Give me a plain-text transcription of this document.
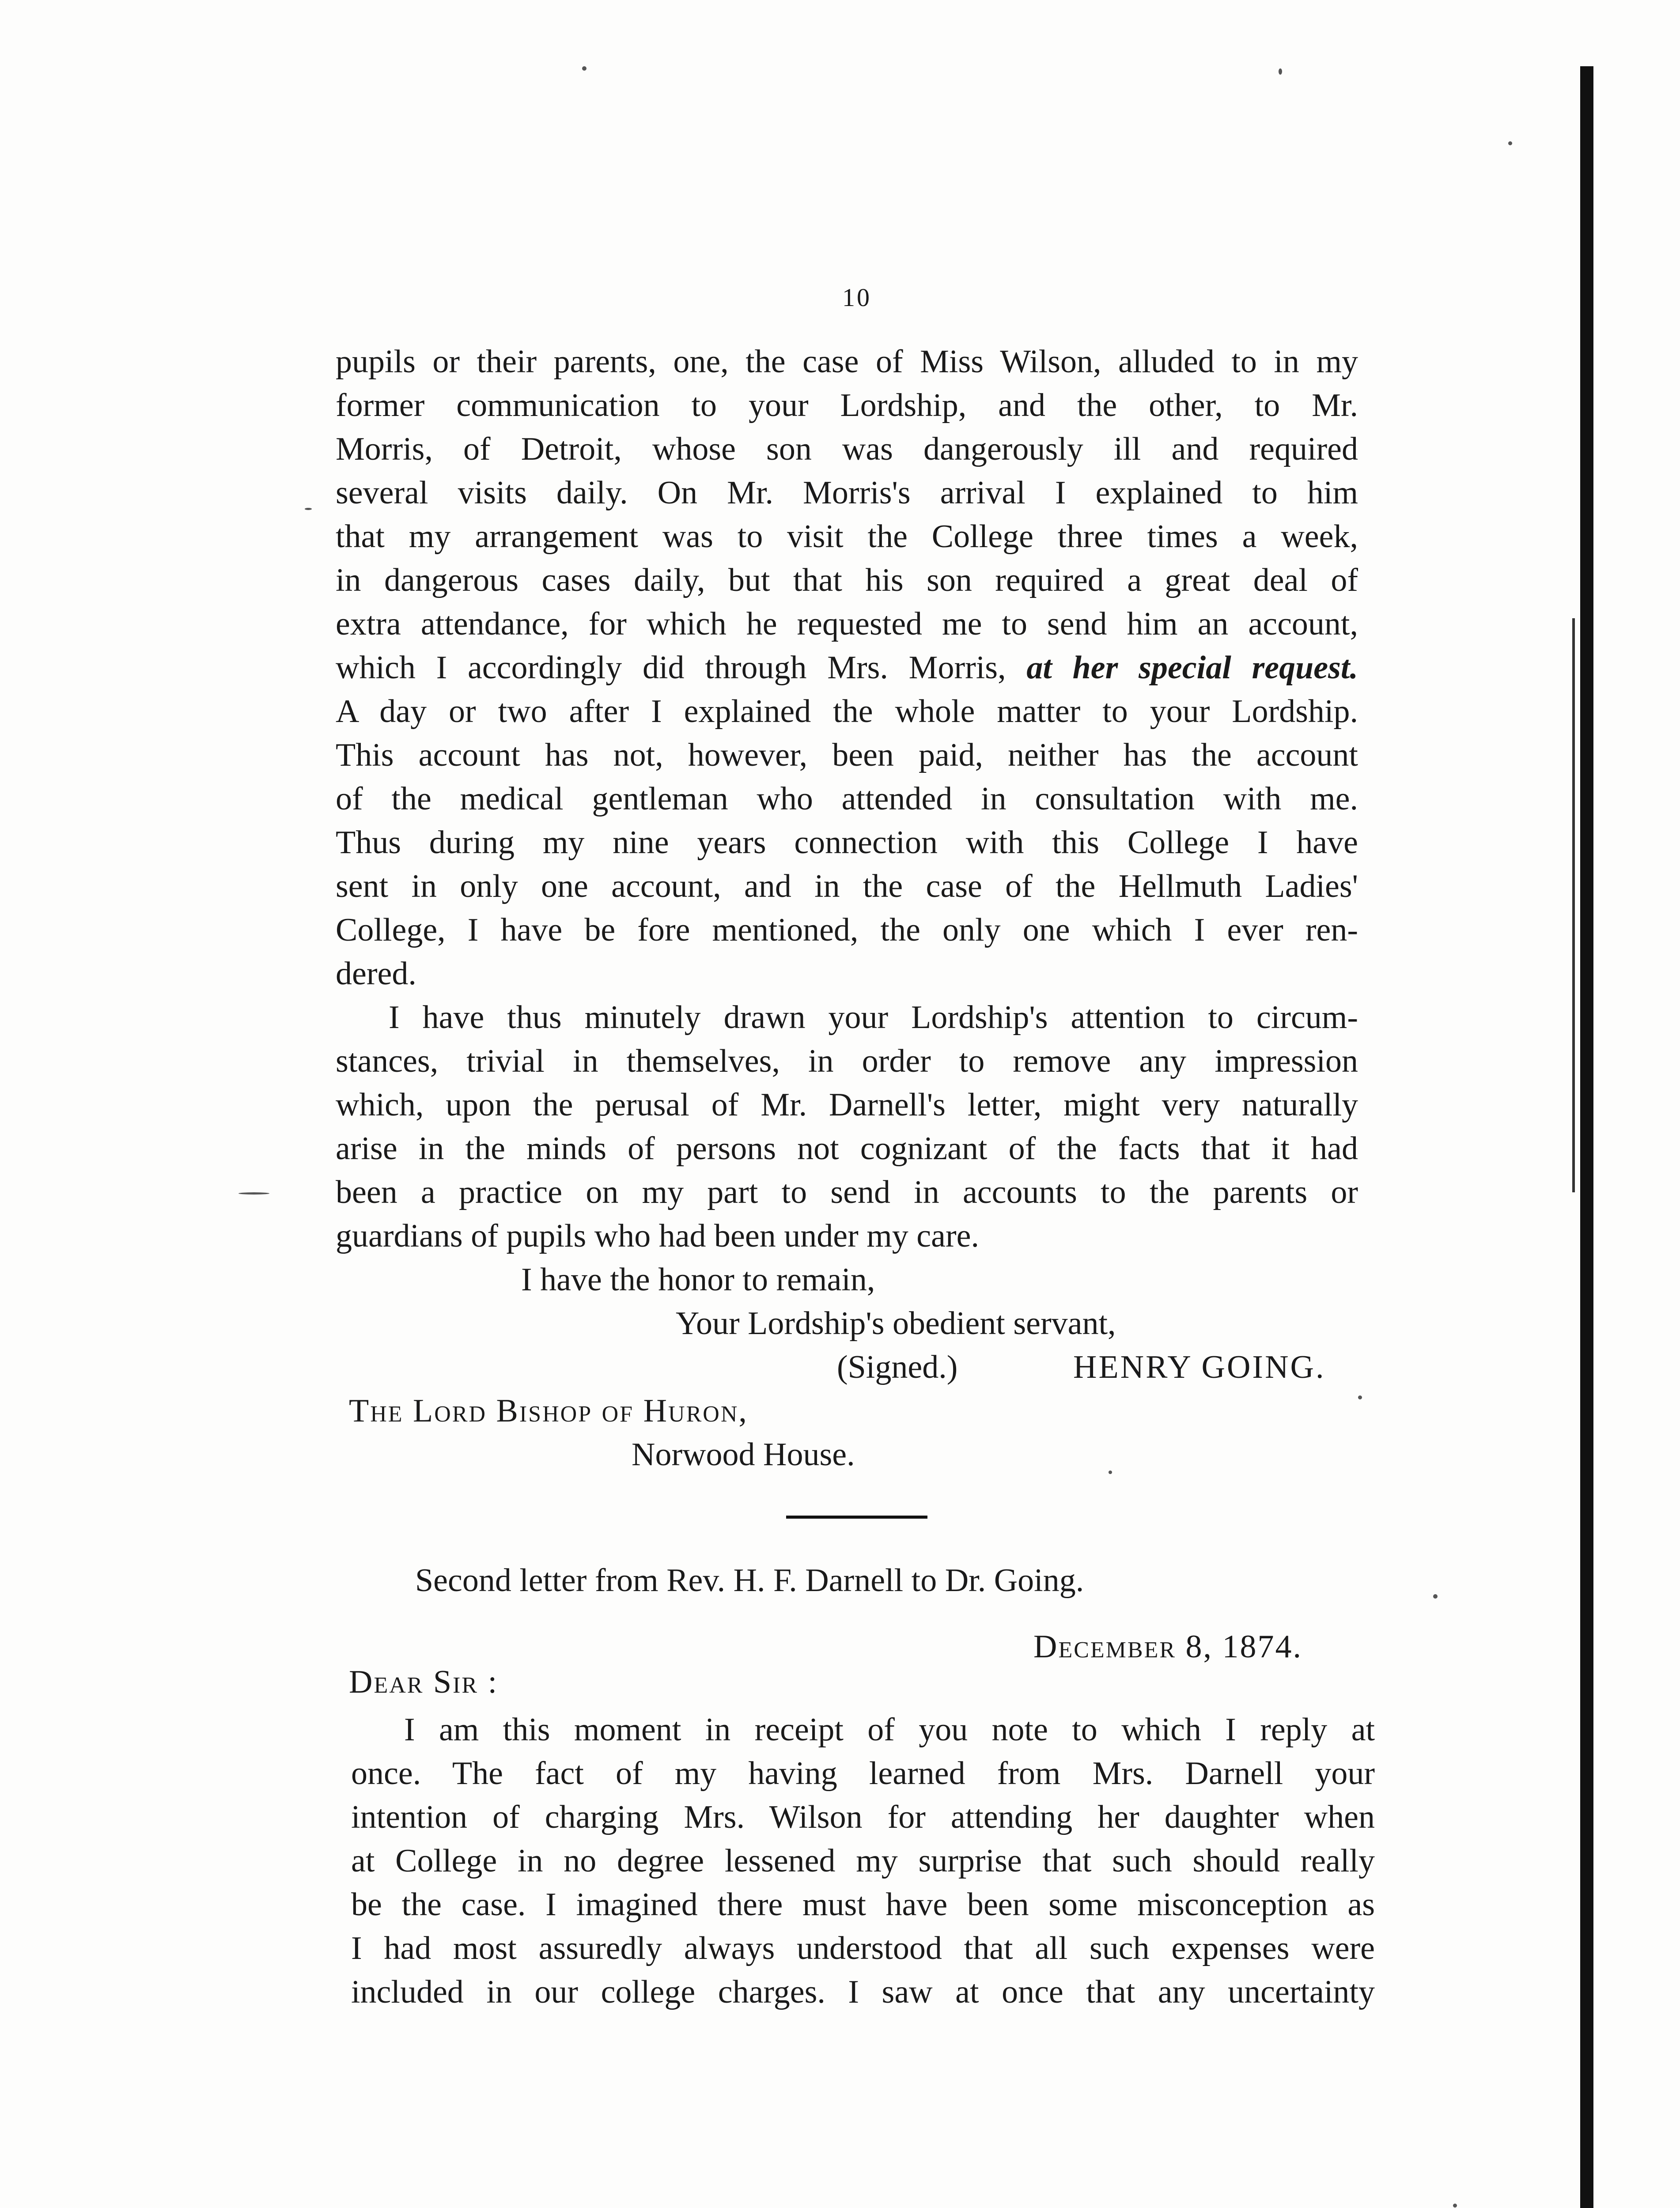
10
pupils or their parents, one, the case of Miss Wilson, alluded to in my
former communication to your Lordship, and the other, to Mr.
Morris, of Detroit, whose son was dangerously ill and required
several visits daily. On Mr. Morris's arrival I explained to him
that my arrangement was to visit the College three times a week,
in dangerous cases daily, but that his son required a great deal of
extra attendance, for which he requested me to send him an account,
which I accordingly did through Mrs. Morris, at her special request.
A day or two after I explained the whole matter to your Lordship.
This account has not, however, been paid, neither has the account
of the medical gentleman who attended in consultation with me.
Thus during my nine years connection with this College I have
sent in only one account, and in the case of the Hellmuth Ladies'
College, I have be fore mentioned, the only one which I ever ren-
dered.
I have thus minutely drawn your Lordship's attention to circum-
stances, trivial in themselves, in order to remove any impression
which, upon the perusal of Mr. Darnell's letter, might very naturally
arise in the minds of persons not cognizant of the facts that it had
been a practice on my part to send in accounts to the parents or
guardians of pupils who had been under my care.
I have the honor to remain,
Your Lordship's obedient servant,
(Signed.)	HENRY GOING.
The Lord Bishop of Huron,
Norwood House.
Second letter from Rev. H. F. Darnell to Dr. Going.
December 8, 1874.
Dear Sir :
I am this moment in receipt of you note to which I reply at
once. The fact of my having learned from Mrs. Darnell your
intention of charging Mrs. Wilson for attending her daughter when
at College in no degree lessened my surprise that such should really
be the case. I imagined there must have been some misconception as
I had most assuredly always understood that all such expenses were
included in our college charges. I saw at once that any uncertainty
